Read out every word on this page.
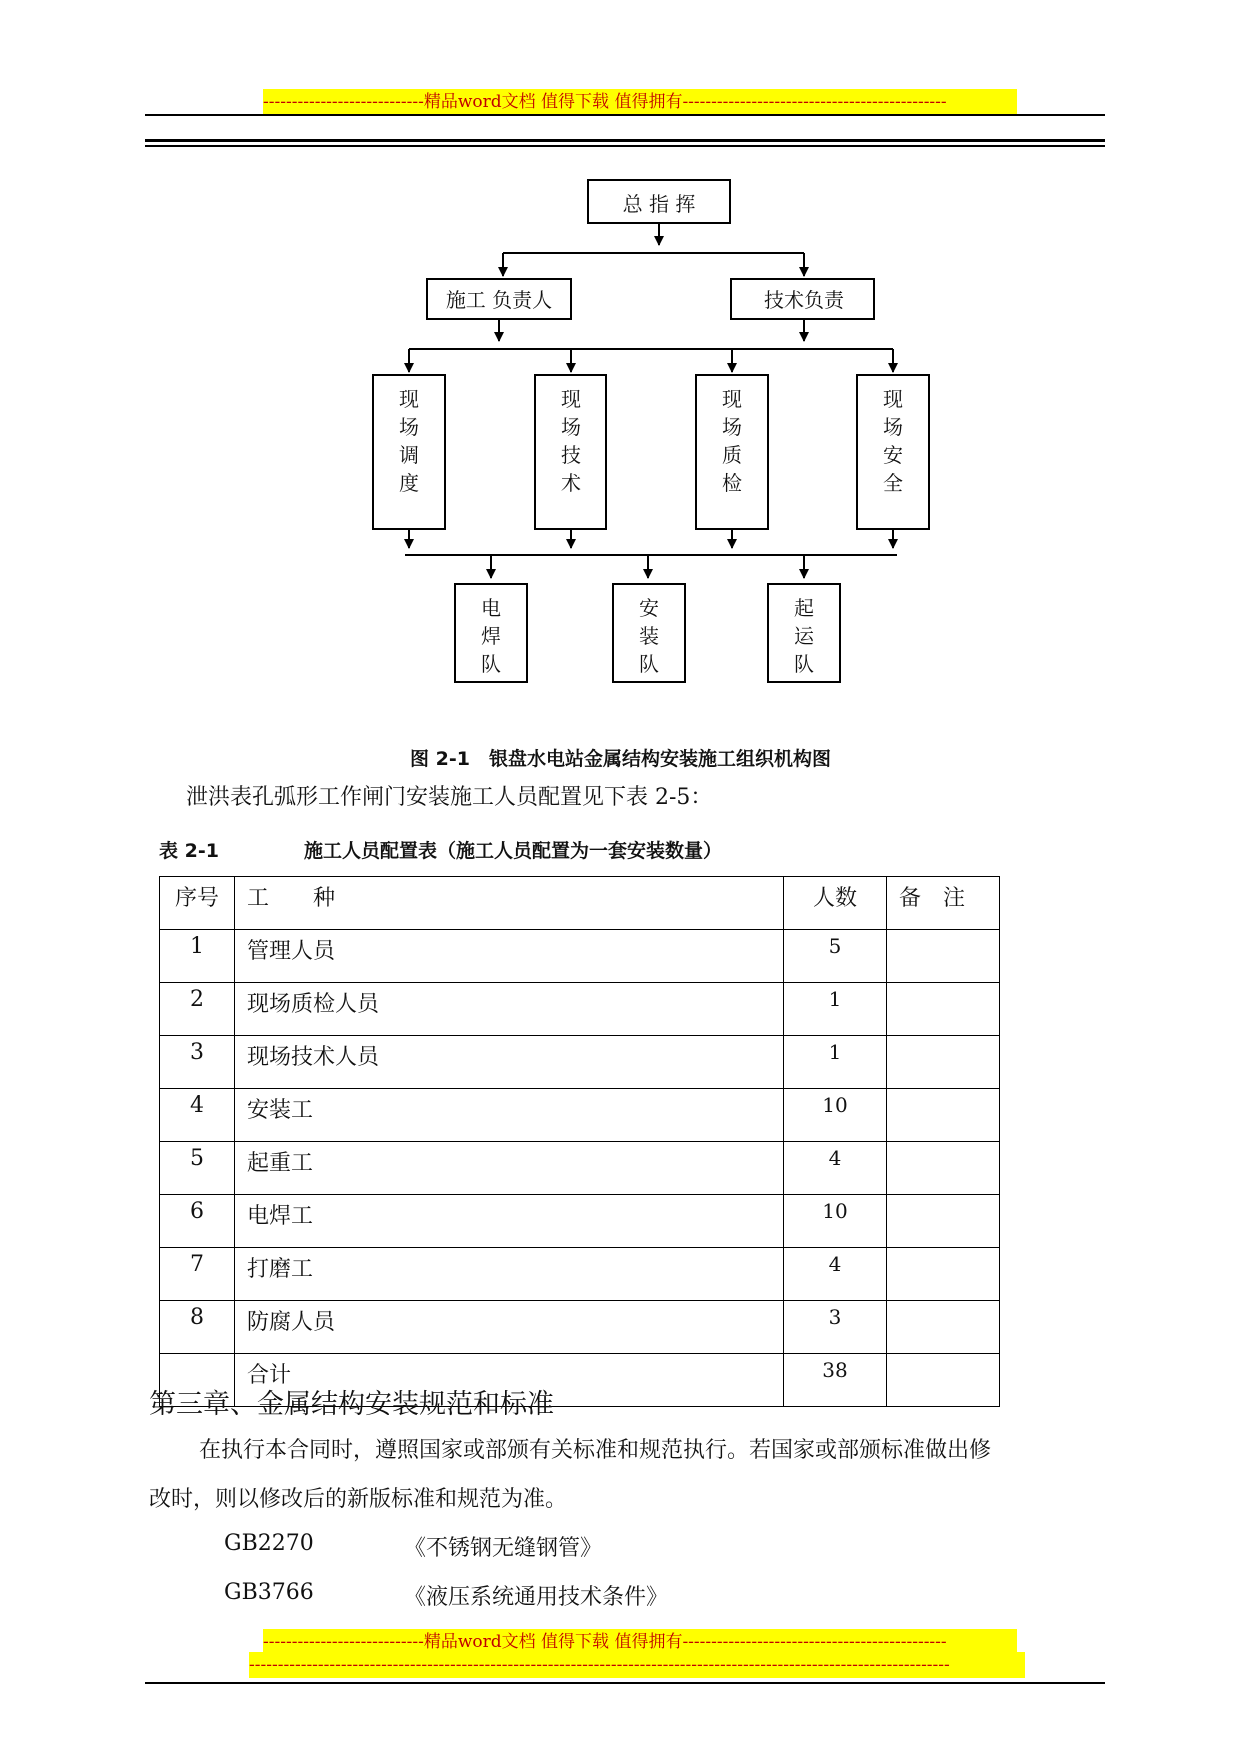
----------------------------精品word文档 值得下载 值得拥有----------------------------------------------
总 指 挥
施工 负责人	技术负责
现
场
调
度
现
场
技
术
现
场
质
检
现
场
安
全
电
焊
队
安
装
队
起
运
队
图 2-1　银盘水电站金属结构安装施工组织机构图
泄洪表孔弧形工作闸门安装施工人员配置见下表 2-5：
表 2-1	施工人员配置表（施工人员配置为一套安装数量）
序号	工　　种	人数	备　注
1	管理人员	5	
2	现场质检人员	1	
3	现场技术人员	1	
4	安装工	10	
5	起重工	4	
6	电焊工	10	
7	打磨工	4	
8	防腐人员	3	
	合计	38	
第三章、金属结构安装规范和标准
在执行本合同时，遵照国家或部颁有关标准和规范执行。若国家或部颁标准做出修
改时，则以修改后的新版标准和规范为准。
GB2270	《不锈钢无缝钢管》
GB3766	《液压系统通用技术条件》
----------------------------精品word文档 值得下载 值得拥有----------------------------------------------
--------------------------------------------------------------------------------------------------------------------------
